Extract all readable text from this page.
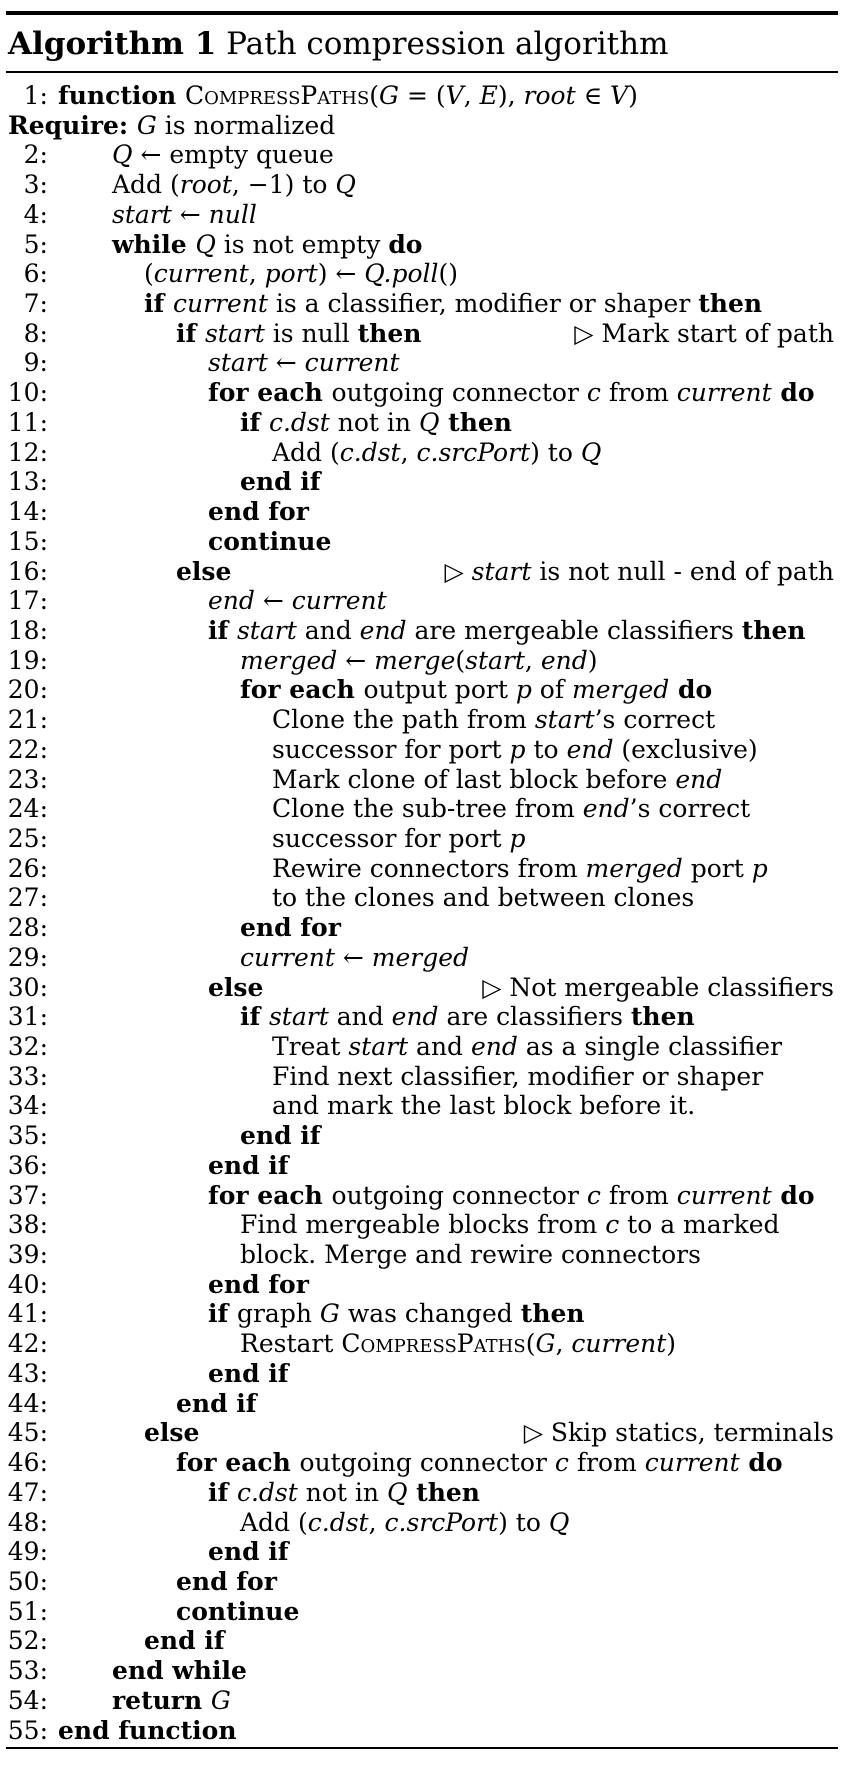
Algorithm 1 Path compression algorithm
1: function CompressPaths(G = (V, E), root ∈ V)
Require: G is normalized
2:	Q ← empty queue
3:	Add (root, −1) to Q
4:	start ← null
5:	while Q is not empty do
6:	(current, port) ← Q.poll()
7:	if current is a classifier, modifier or shaper then
8:	if start is null then	▷ Mark start of path
9:	start ← current
10:	for each outgoing connector c from current do
11:	if c.dst not in Q then
12:	Add (c.dst, c.srcPort) to Q
13:	end if
14:	end for
15:	continue
16:	else	▷ start is not null - end of path
17:	end ← current
18:	if start and end are mergeable classifiers then
19:	merged ← merge(start, end)
20:	for each output port p of merged do
21:	Clone the path from start’s correct
22:	successor for port p to end (exclusive)
23:	Mark clone of last block before end
24:	Clone the sub-tree from end’s correct
25:	successor for port p
26:	Rewire connectors from merged port p
27:	to the clones and between clones
28:	end for
29:	current ← merged
30:	else	▷ Not mergeable classifiers
31:	if start and end are classifiers then
32:	Treat start and end as a single classifier
33:	Find next classifier, modifier or shaper
34:	and mark the last block before it.
35:	end if
36:	end if
37:	for each outgoing connector c from current do
38:	Find mergeable blocks from c to a marked
39:	block. Merge and rewire connectors
40:	end for
41:	if graph G was changed then
42:	Restart CompressPaths(G, current)
43:	end if
44:	end if
45:	else	▷ Skip statics, terminals
46:	for each outgoing connector c from current do
47:	if c.dst not in Q then
48:	Add (c.dst, c.srcPort) to Q
49:	end if
50:	end for
51:	continue
52:	end if
53:	end while
54:	return G
55: end function
